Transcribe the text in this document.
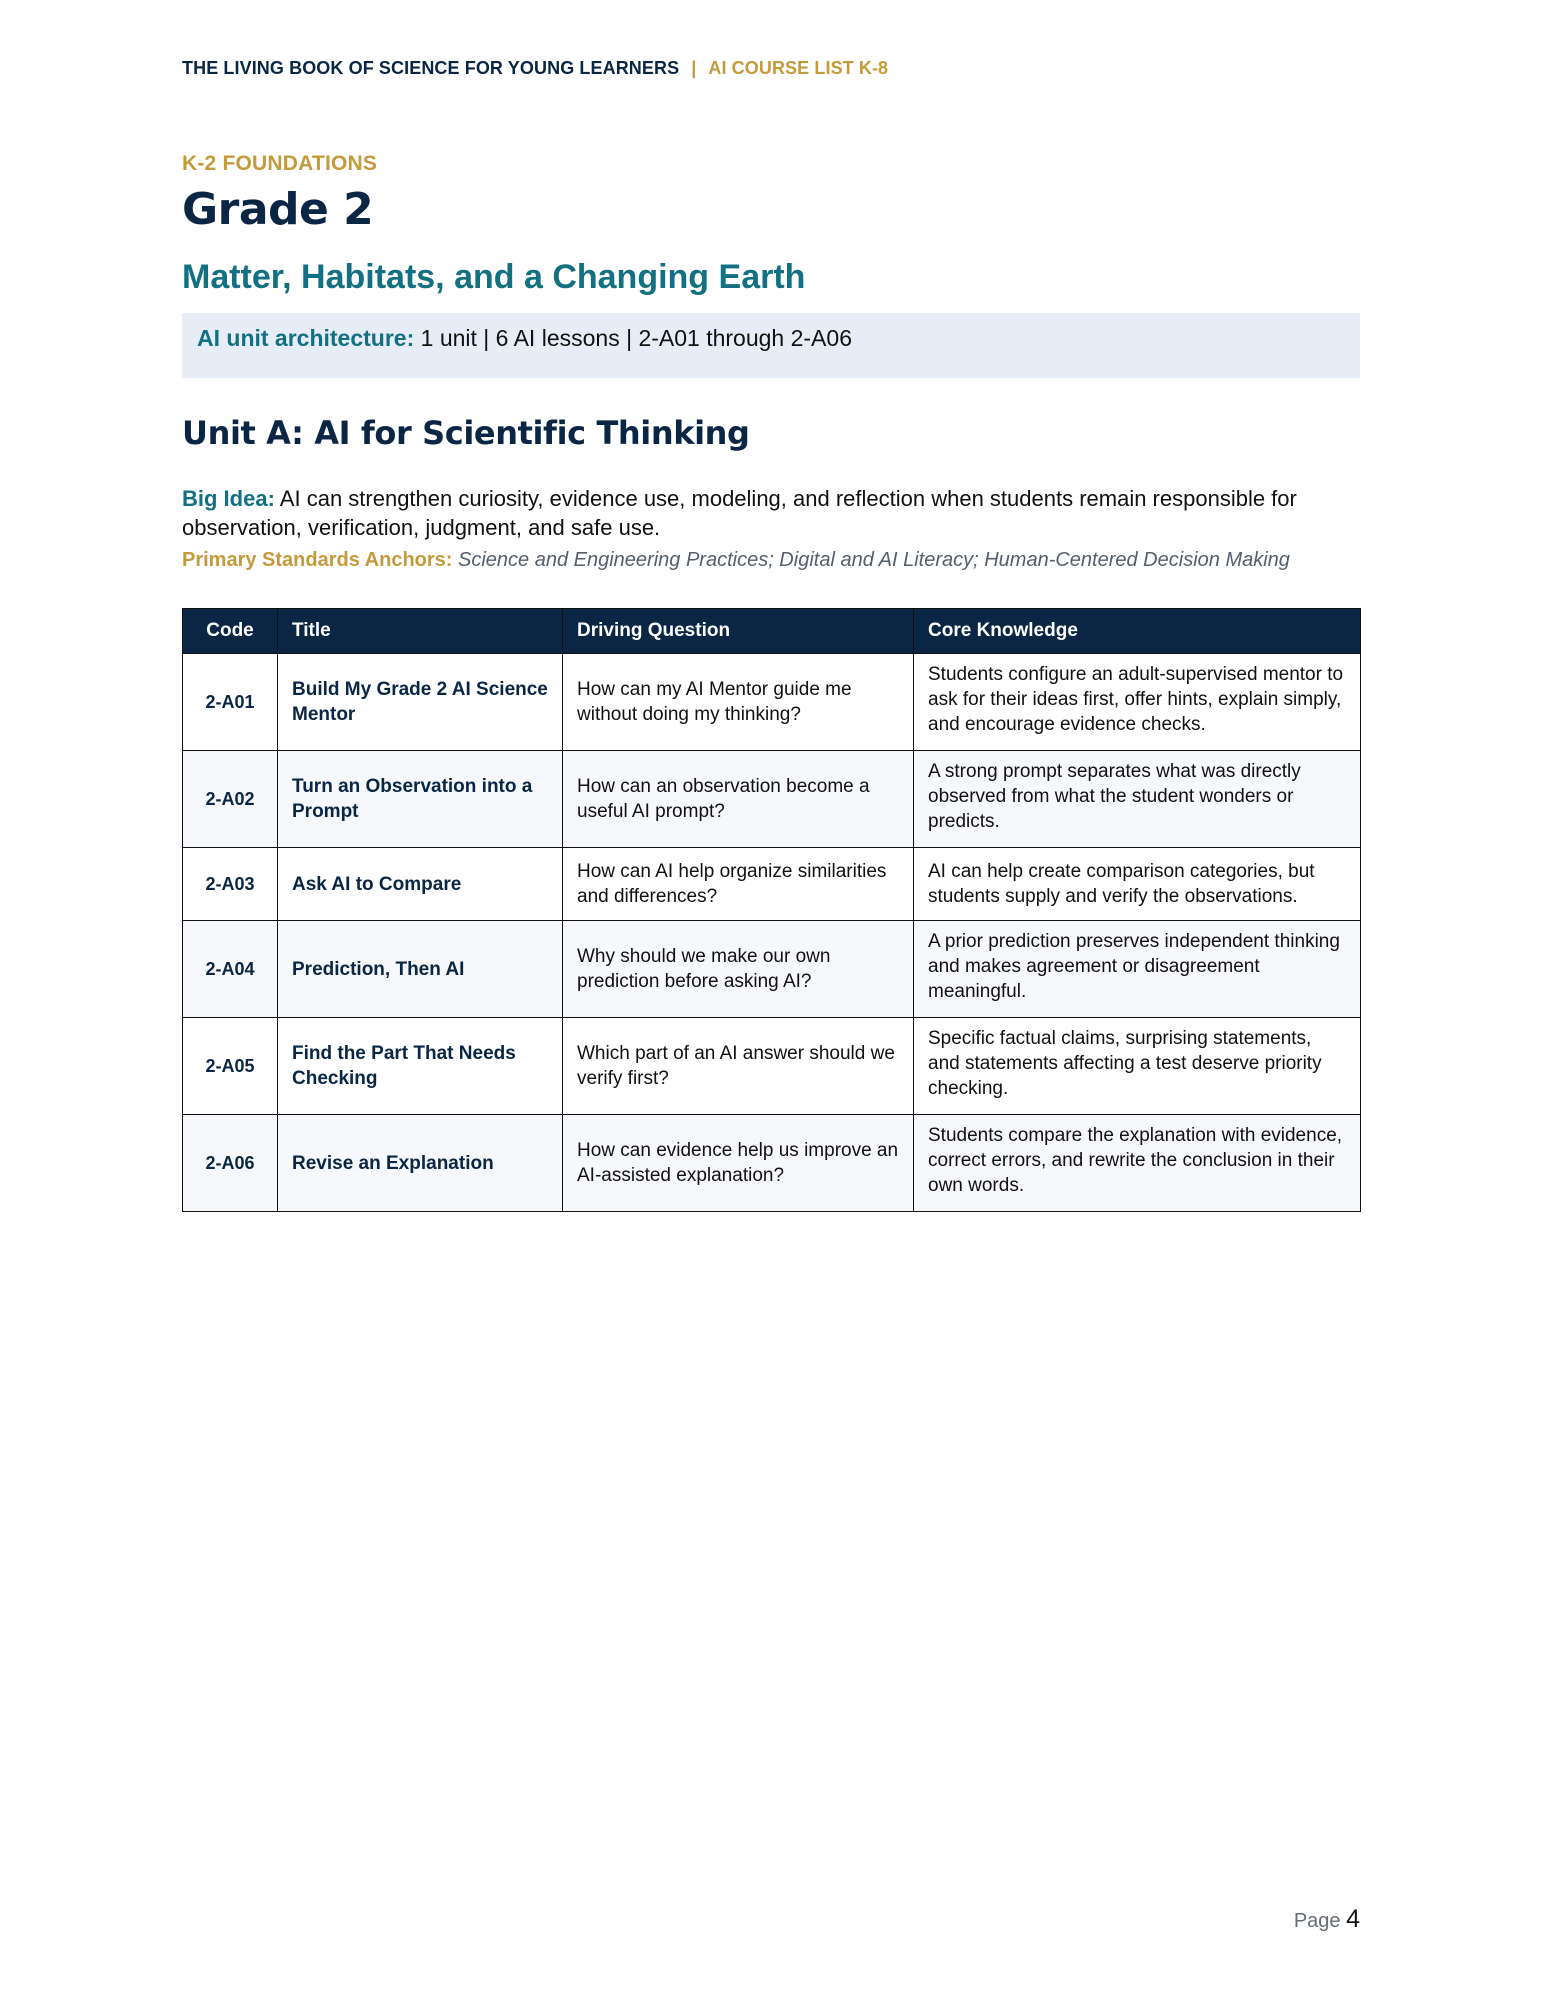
THE LIVING BOOK OF SCIENCE FOR YOUNG LEARNERS | AI COURSE LIST K-8
K-2 FOUNDATIONS
Grade 2
Matter, Habitats, and a Changing Earth
AI unit architecture: 1 unit | 6 AI lessons | 2-A01 through 2-A06
Unit A: AI for Scientific Thinking
Big Idea: AI can strengthen curiosity, evidence use, modeling, and reflection when students remain responsible for observation, verification, judgment, and safe use.
Primary Standards Anchors: Science and Engineering Practices; Digital and AI Literacy; Human-Centered Decision Making
Code	Title	Driving Question	Core Knowledge
2-A01	Build My Grade 2 AI Science Mentor	How can my AI Mentor guide me without doing my thinking?	Students configure an adult-supervised mentor to ask for their ideas first, offer hints, explain simply, and encourage evidence checks.
2-A02	Turn an Observation into a Prompt	How can an observation become a useful AI prompt?	A strong prompt separates what was directly observed from what the student wonders or predicts.
2-A03	Ask AI to Compare	How can AI help organize similarities and differences?	AI can help create comparison categories, but students supply and verify the observations.
2-A04	Prediction, Then AI	Why should we make our own prediction before asking AI?	A prior prediction preserves independent thinking and makes agreement or disagreement meaningful.
2-A05	Find the Part That Needs Checking	Which part of an AI answer should we verify first?	Specific factual claims, surprising statements, and statements affecting a test deserve priority checking.
2-A06	Revise an Explanation	How can evidence help us improve an AI-assisted explanation?	Students compare the explanation with evidence, correct errors, and rewrite the conclusion in their own words.
Page 4
